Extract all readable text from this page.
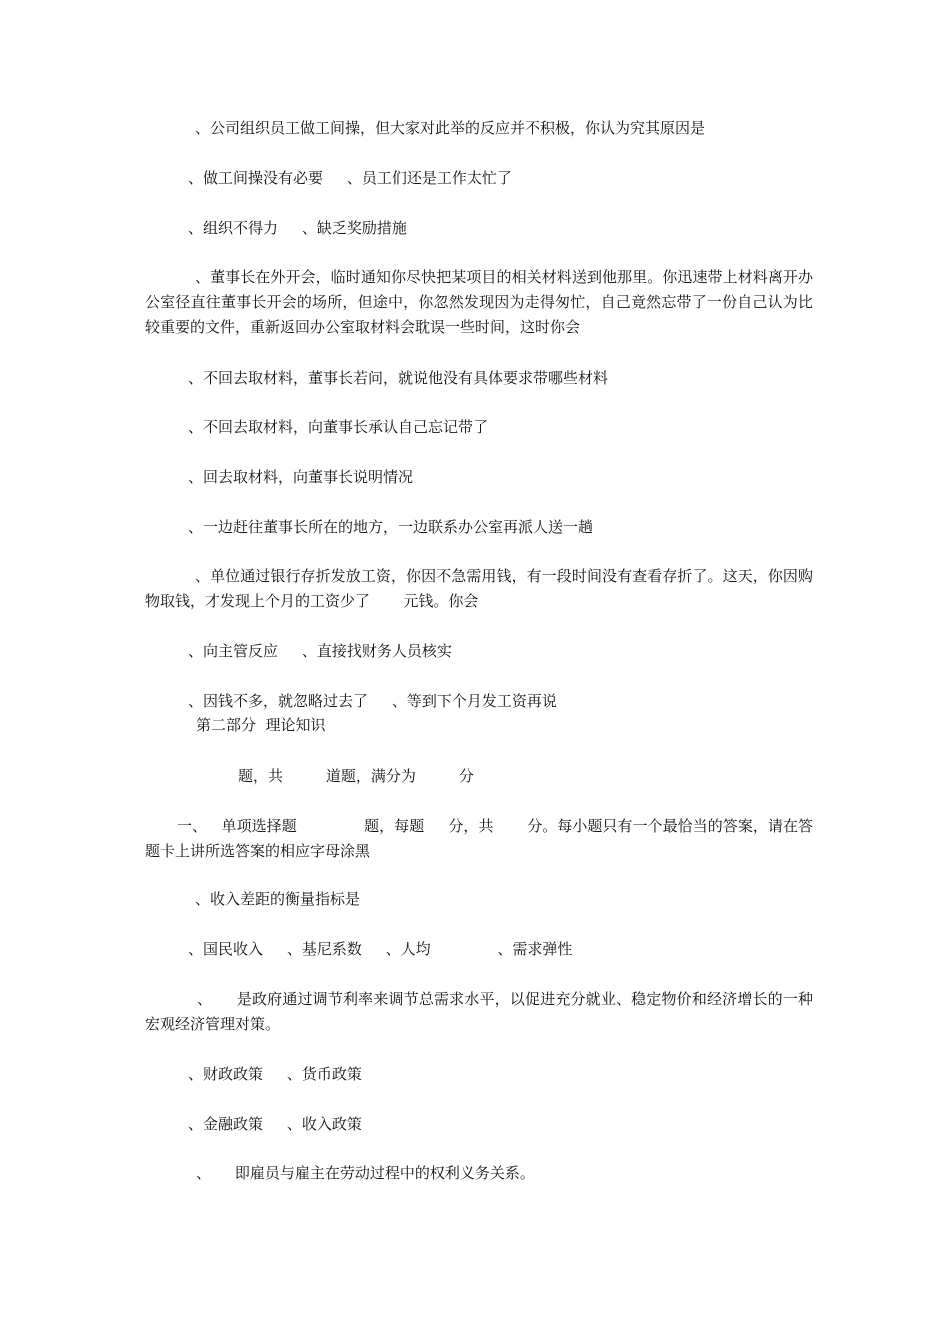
、公司组织员工做工间操，但大家对此举的反应并不积极，你认为究其原因是

、做工间操没有必要     、员工们还是工作太忙了

、组织不得力     、缺乏奖励措施

、董事长在外开会，临时通知你尽快把某项目的相关材料送到他那里。你迅速带上材料离开办公室径直往董事长开会的场所，但途中，你忽然发现因为走得匆忙，自己竟然忘带了一份自己认为比较重要的文件，重新返回办公室取材料会耽误一些时间，这时你会

、不回去取材料，董事长若问，就说他没有具体要求带哪些材料

、不回去取材料，向董事长承认自己忘记带了

、回去取材料，向董事长说明情况

、一边赶往董事长所在的地方，一边联系办公室再派人送一趟

、单位通过银行存折发放工资，你因不急需用钱，有一段时间没有查看存折了。这天，你因购物取钱，才发现上个月的工资少了       元钱。你会

、向主管反应     、直接找财务人员核实

、因钱不多，就忽略过去了     、等到下个月发工资再说

第二部分  理论知识

题，共         道题，满分为         分

一、   单项选择题              题，每题     分，共       分。每小题只有一个最恰当的答案，请在答题卡上讲所选答案的相应字母涂黑

、收入差距的衡量指标是

、国民收入     、基尼系数     、人均              、需求弹性

、     是政府通过调节利率来调节总需求水平，以促进充分就业、稳定物价和经济增长的一种宏观经济管理对策。

、财政政策     、货币政策

、金融政策     、收入政策

、     即雇员与雇主在劳动过程中的权利义务关系。
